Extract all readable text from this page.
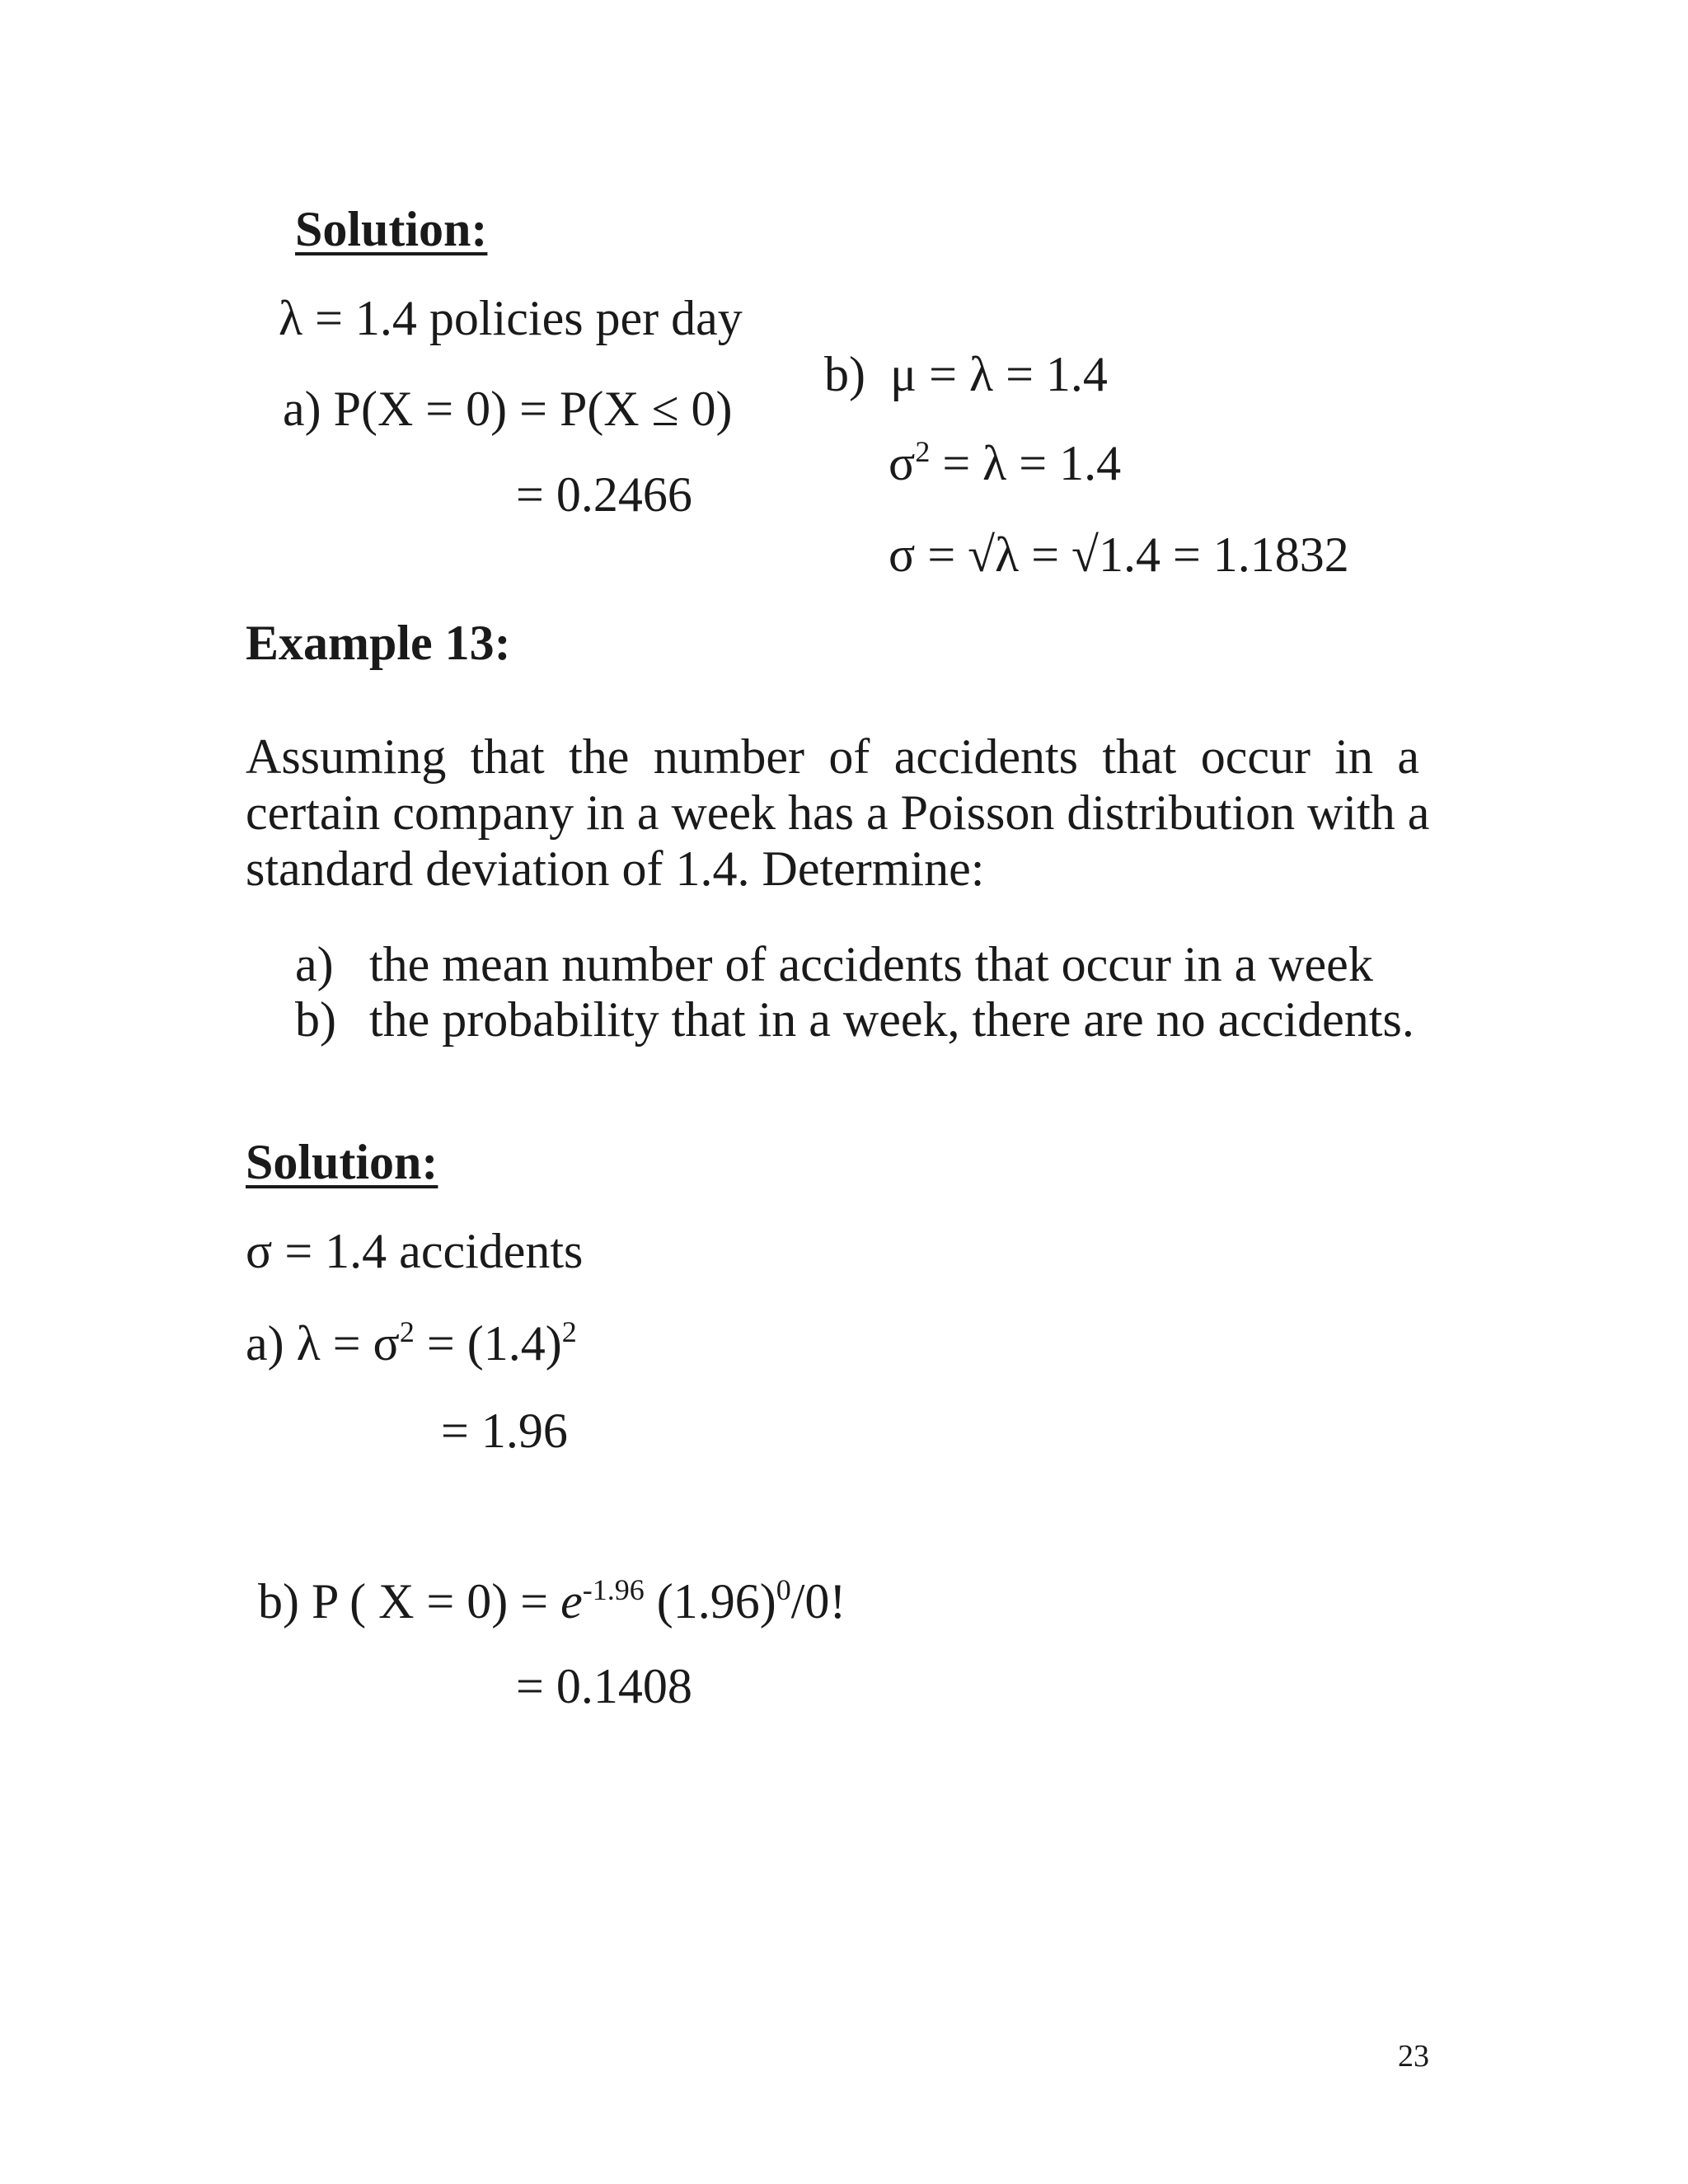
Solution:
λ = 1.4 policies per day
a) P(X = 0) = P(X ≤ 0)
= 0.2466
b) μ = λ = 1.4
$\sigma^2 = \lambda = 1.4$
σ = √λ = √1.4 = 1.1832
Example 13:
Assuming that the number of accidents that occur in a
certain company in a week has a Poisson distribution with a
standard deviation of 1.4. Determine:
a) the mean number of accidents that occur in a week
b) the probability that in a week, there are no accidents.
Solution:
σ = 1.4 accidents
a) $\lambda = \sigma^2 = (1.4)^2$
= 1.96
b) P ( $X = 0) = e^{-1.96}$ $(1.96)^0/0$!
= 0.1408
23
